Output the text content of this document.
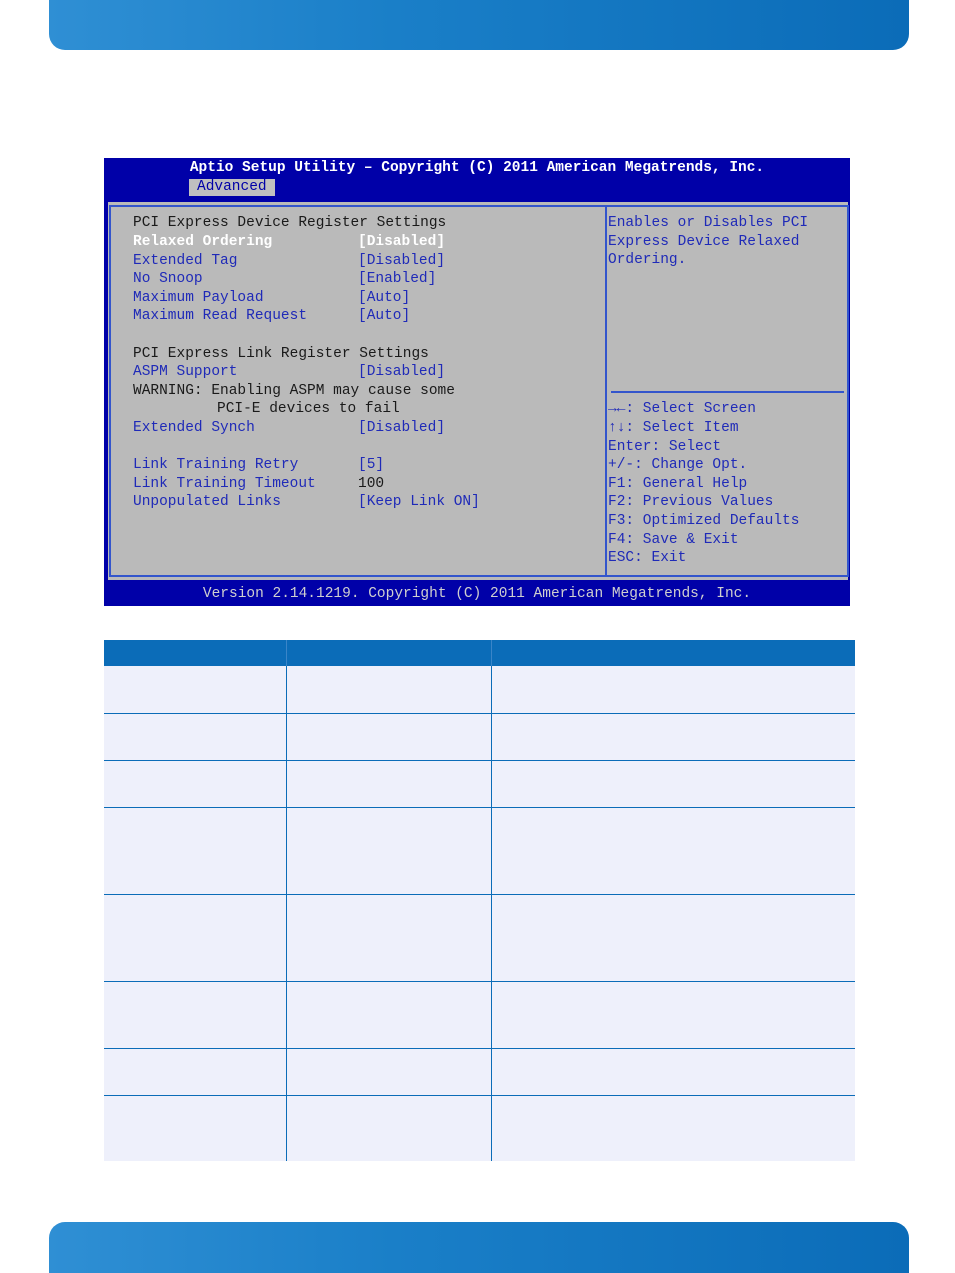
Aptio Setup Utility – Copyright (C) 2011 American Megatrends, Inc.
Advanced
PCI Express Device Register Settings
Relaxed Ordering	[Disabled]
Extended Tag	[Disabled]
No Snoop	[Enabled]
Maximum Payload	[Auto]
Maximum Read Request	[Auto]
PCI Express Link Register Settings
ASPM Support	[Disabled]
WARNING: Enabling ASPM may cause some
PCI-E devices to fail
Extended Synch	[Disabled]
Link Training Retry	[5]
Link Training Timeout	100
Unpopulated Links	[Keep Link ON]
Enables or Disables PCI
Express Device Relaxed
Ordering.
→←: Select Screen
↑↓: Select Item
Enter: Select
+/-: Change Opt.
F1: General Help
F2: Previous Values
F3: Optimized Defaults
F4: Save & Exit
ESC: Exit
Version 2.14.1219. Copyright (C) 2011 American Megatrends, Inc.
